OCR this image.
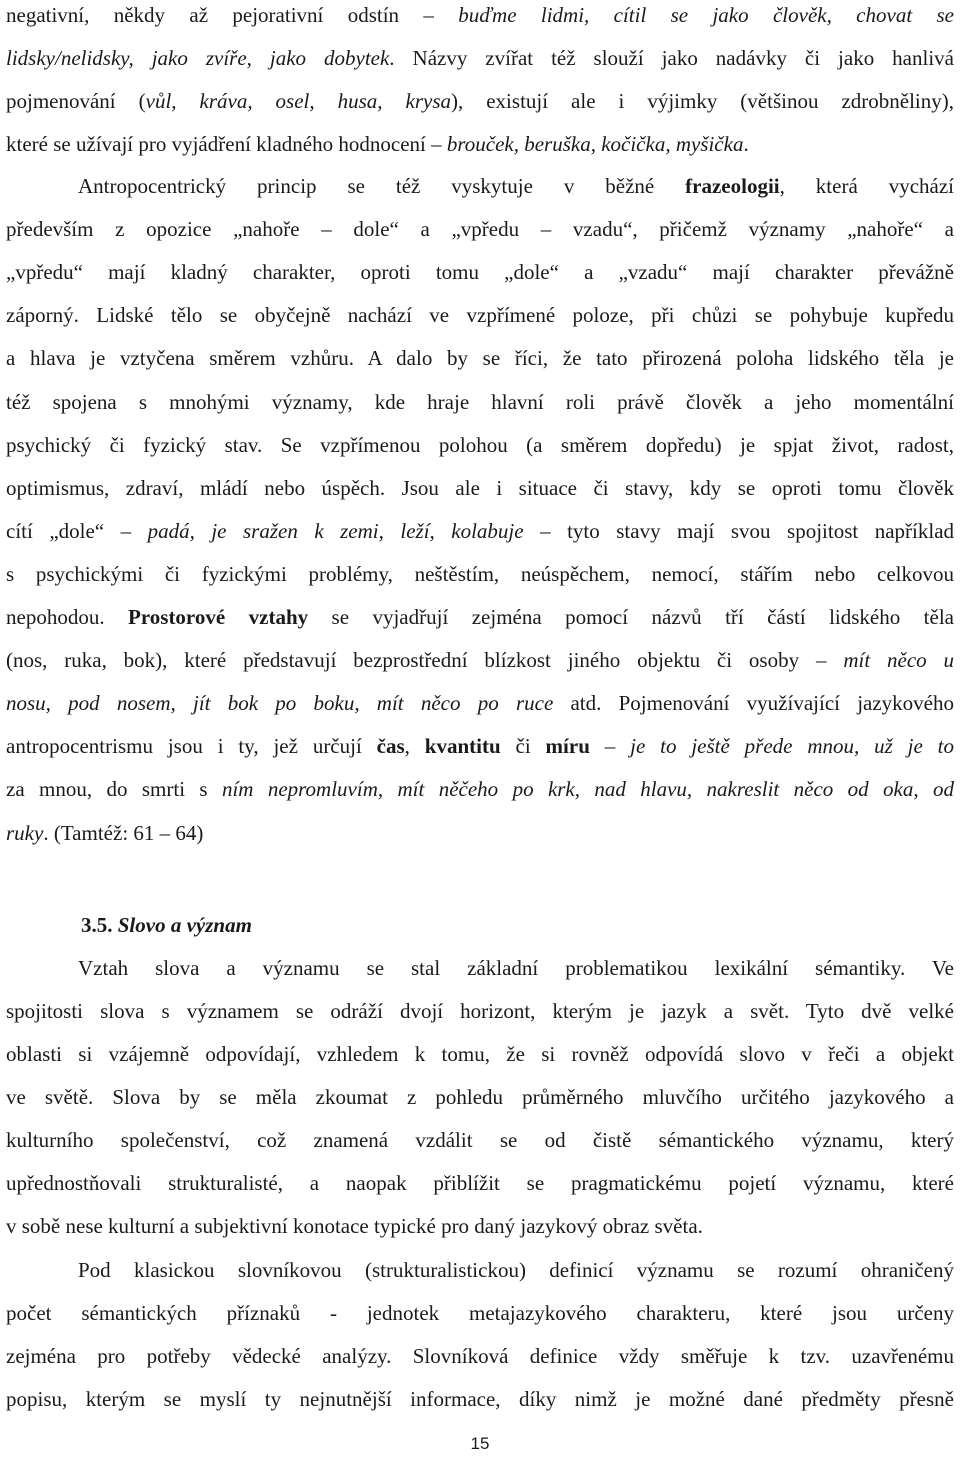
negativní, někdy až pejorativní odstín – buďme lidmi, cítil se jako člověk, chovat se
lidsky/nelidsky, jako zvíře, jako dobytek. Názvy zvířat též slouží jako nadávky či jako hanlivá
pojmenování (vůl, kráva, osel, husa, krysa), existují ale i výjimky (většinou zdrobněliny),
které se užívají pro vyjádření kladného hodnocení – brouček, beruška, kočička, myšička.
Antropocentrický princip se též vyskytuje v běžné frazeologii, která vychází
především z opozice „nahoře – dole“ a „vpředu – vzadu“, přičemž významy „nahoře“ a
„vpředu“ mají kladný charakter, oproti tomu „dole“ a „vzadu“ mají charakter převážně
záporný. Lidské tělo se obyčejně nachází ve vzpřímené poloze, při chůzi se pohybuje kupředu
a hlava je vztyčena směrem vzhůru. A dalo by se říci, že tato přirozená poloha lidského těla je
též spojena s mnohými významy, kde hraje hlavní roli právě člověk a jeho momentální
psychický či fyzický stav. Se vzpřímenou polohou (a směrem dopředu) je spjat život, radost,
optimismus, zdraví, mládí nebo úspěch. Jsou ale i situace či stavy, kdy se oproti tomu člověk
cítí „dole“ – padá, je sražen k zemi, leží, kolabuje – tyto stavy mají svou spojitost například
s psychickými či fyzickými problémy, neštěstím, neúspěchem, nemocí, stářím nebo celkovou
nepohodou. Prostorové vztahy se vyjadřují zejména pomocí názvů tří částí lidského těla
(nos, ruka, bok), které představují bezprostřední blízkost jiného objektu či osoby – mít něco u
nosu, pod nosem, jít bok po boku, mít něco po ruce atd. Pojmenování využívající jazykového
antropocentrismu jsou i ty, jež určují čas, kvantitu či míru – je to ještě přede mnou, už je to
za mnou, do smrti s ním nepromluvím, mít něčeho po krk, nad hlavu, nakreslit něco od oka, od
ruky. (Tamtéž: 61 – 64)
Vztah slova a významu se stal základní problematikou lexikální sémantiky. Ve
spojitosti slova s významem se odráží dvojí horizont, kterým je jazyk a svět. Tyto dvě velké
oblasti si vzájemně odpovídají, vzhledem k tomu, že si rovněž odpovídá slovo v řeči a objekt
ve světě. Slova by se měla zkoumat z pohledu průměrného mluvčího určitého jazykového a
kulturního společenství, což znamená vzdálit se od čistě sémantického významu, který
upřednostňovali strukturalisté, a naopak přiblížit se pragmatickému pojetí významu, které
v sobě nese kulturní a subjektivní konotace typické pro daný jazykový obraz světa.
Pod klasickou slovníkovou (strukturalistickou) definicí významu se rozumí ohraničený
počet sémantických příznaků - jednotek metajazykového charakteru, které jsou určeny
zejména pro potřeby vědecké analýzy. Slovníková definice vždy směřuje k tzv. uzavřenému
popisu, kterým se myslí ty nejnutnější informace, díky nimž je možné dané předměty přesně
3.5. Slovo a význam
15
